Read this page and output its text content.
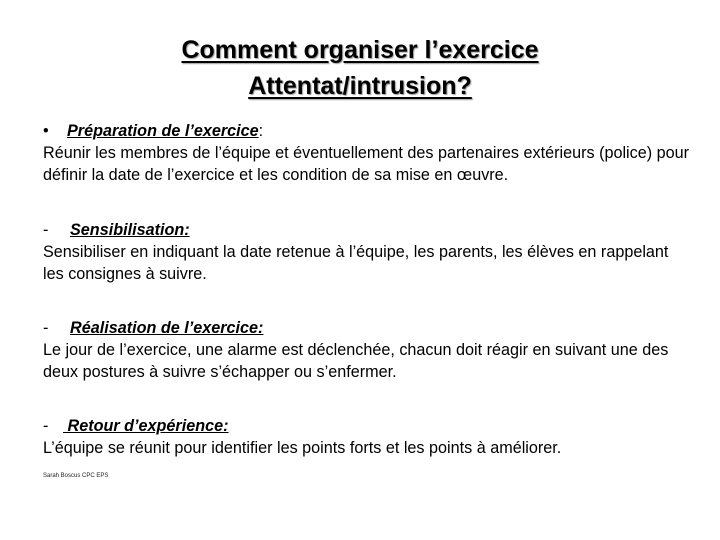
Comment organiser l’exercice
Attentat/intrusion?
• Préparation de l’exercice:

Réunir les membres de l’équipe et éventuellement des partenaires extérieurs (police) pour définir la date de l’exercice et les condition de sa mise en œuvre.

- Sensibilisation:

Sensibiliser en indiquant la date retenue à l’équipe, les parents, les élèves en rappelant les consignes à suivre.

- Réalisation de l’exercice:

Le jour de l’exercice, une alarme est déclenchée, chacun doit réagir en suivant une des deux postures à suivre s’échapper ou s’enfermer.

- Retour d’expérience:

L’équipe se réunit pour identifier les points forts et les points à améliorer.

Sarah Boscus CPC EPS
